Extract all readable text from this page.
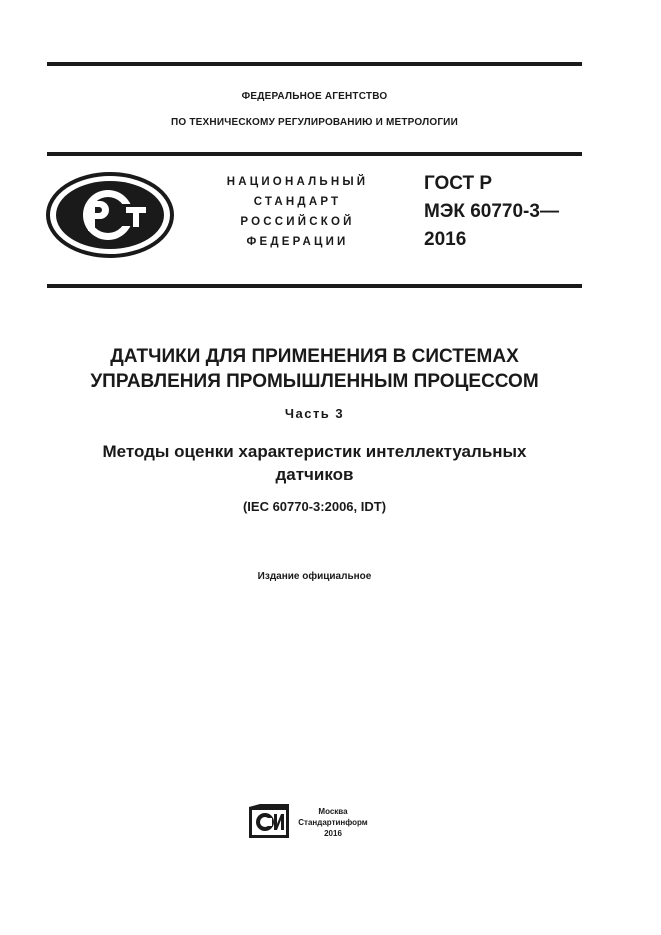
ФЕДЕРАЛЬНОЕ АГЕНТСТВО
ПО ТЕХНИЧЕСКОМУ РЕГУЛИРОВАНИЮ И МЕТРОЛОГИИ
НАЦИОНАЛЬНЫЙ
СТАНДАРТ
РОССИЙСКОЙ
ФЕДЕРАЦИИ
ГОСТ Р
МЭК 60770-3—
2016
ДАТЧИКИ ДЛЯ ПРИМЕНЕНИЯ В СИСТЕМАХ
УПРАВЛЕНИЯ ПРОМЫШЛЕННЫМ ПРОЦЕССОМ
Часть 3
Методы оценки характеристик интеллектуальных
датчиков
(IEC 60770-3:2006, IDT)
Издание официальное
Москва
Стандартинформ
2016
